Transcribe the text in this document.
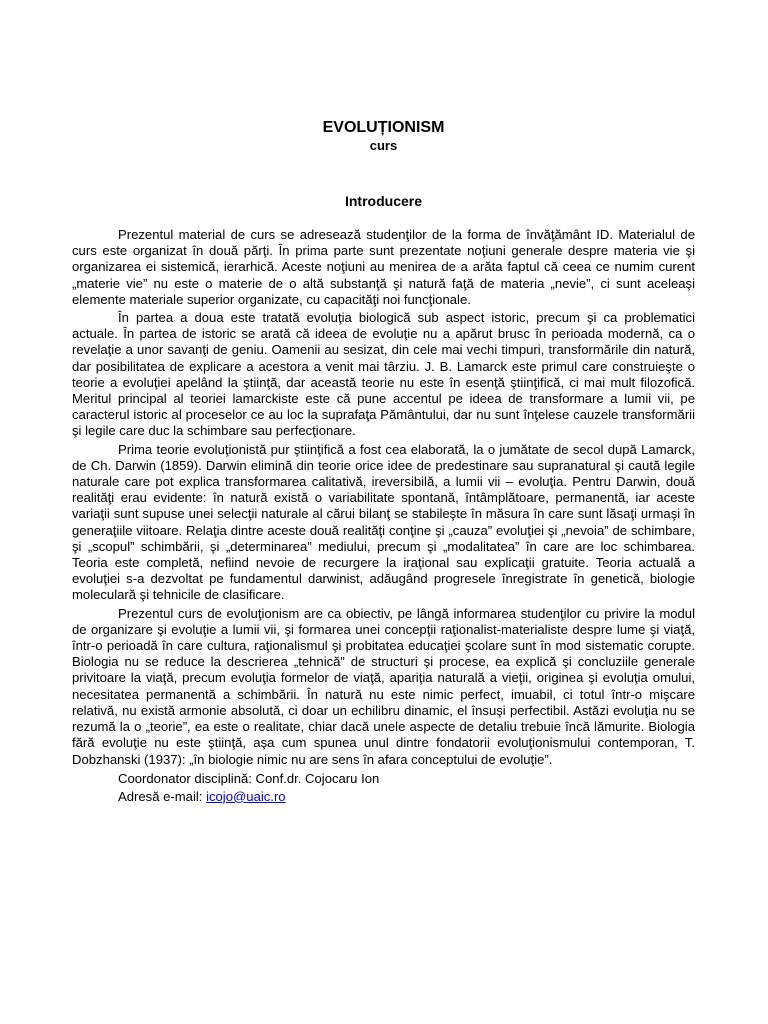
EVOLUȚIONISM
curs
Introducere

Prezentul material de curs se adresează studenţilor de la forma de învăţământ ID. Materialul de curs este organizat în două părţi. În prima parte sunt prezentate noţiuni generale despre materia vie şi organizarea ei sistemică, ierarhică. Aceste noţiuni au menirea de a arăta faptul că ceea ce numim curent „materie vie” nu este o materie de o altă substanţă şi natură faţă de materia „nevie”, ci sunt aceleaşi elemente materiale superior organizate, cu capacităţi noi funcţionale.

În partea a doua este tratată evoluţia biologică sub aspect istoric, precum şi ca problematici actuale. În partea de istoric se arată că ideea de evoluţie nu a apărut brusc în perioada modernă, ca o revelaţie a unor savanţi de geniu. Oamenii au sesizat, din cele mai vechi timpuri, transformările din natură, dar posibilitatea de explicare a acestora a venit mai târziu. J. B. Lamarck este primul care construieşte o teorie a evoluţiei apelând la ştiinţă, dar această teorie nu este în esenţă ştiinţifică, ci mai mult filozofică. Meritul principal al teoriei lamarckiste este că pune accentul pe ideea de transformare a lumii vii, pe caracterul istoric al proceselor ce au loc la suprafaţa Pământului, dar nu sunt înţelese cauzele transformării şi legile care duc la schimbare sau perfecţionare.

Prima teorie evoluţionistă pur ştiinţifică a fost cea elaborată, la o jumătate de secol după Lamarck, de Ch. Darwin (1859). Darwin elimină din teorie orice idee de predestinare sau supranatural şi caută legile naturale care pot explica transformarea calitativă, ireversibilă, a lumii vii – evoluţia. Pentru Darwin, două realităţi erau evidente: în natură există o variabilitate spontană, întâmplătoare, permanentă, iar aceste variaţii sunt supuse unei selecţii naturale al cărui bilanţ se stabileşte în măsura în care sunt lăsaţi urmaşi în generaţiile viitoare. Relaţia dintre aceste două realităţi conţine şi „cauza” evoluţiei şi „nevoia” de schimbare, şi „scopul” schimbării, şi „determinarea” mediului, precum şi „modalitatea” în care are loc schimbarea. Teoria este completă, nefiind nevoie de recurgere la iraţional sau explicaţii gratuite. Teoria actuală a evoluţiei s-a dezvoltat pe fundamentul darwinist, adăugând progresele înregistrate în genetică, biologie moleculară şi tehnicile de clasificare.

Prezentul curs de evoluţionism are ca obiectiv, pe lângă informarea studenţilor cu privire la modul de organizare şi evoluţie a lumii vii, şi formarea unei concepţii raţionalist-materialiste despre lume şi viaţă, într-o perioadă în care cultura, raţionalismul şi probitatea educaţiei şcolare sunt în mod sistematic corupte. Biologia nu se reduce la descrierea „tehnică” de structuri şi procese, ea explică şi concluziile generale privitoare la viaţă, precum evoluţia formelor de viaţă, apariţia naturală a vieţii, originea şi evoluţia omului, necesitatea permanentă a schimbării. În natură nu este nimic perfect, imuabil, ci totul într-o mişcare relativă, nu există armonie absolută, ci doar un echilibru dinamic, el însuşi perfectibil. Astăzi evoluţia nu se rezumă la o „teorie”, ea este o realitate, chiar dacă unele aspecte de detaliu trebuie încă lămurite. Biologia fără evoluţie nu este ştiinţă, aşa cum spunea unul dintre fondatorii evoluţionismului contemporan, T. Dobzhanski (1937): „în biologie nimic nu are sens în afara conceptului de evoluţie”.

Coordonator disciplină: Conf.dr. Cojocaru Ion

Adresă e-mail: icojo@uaic.ro
